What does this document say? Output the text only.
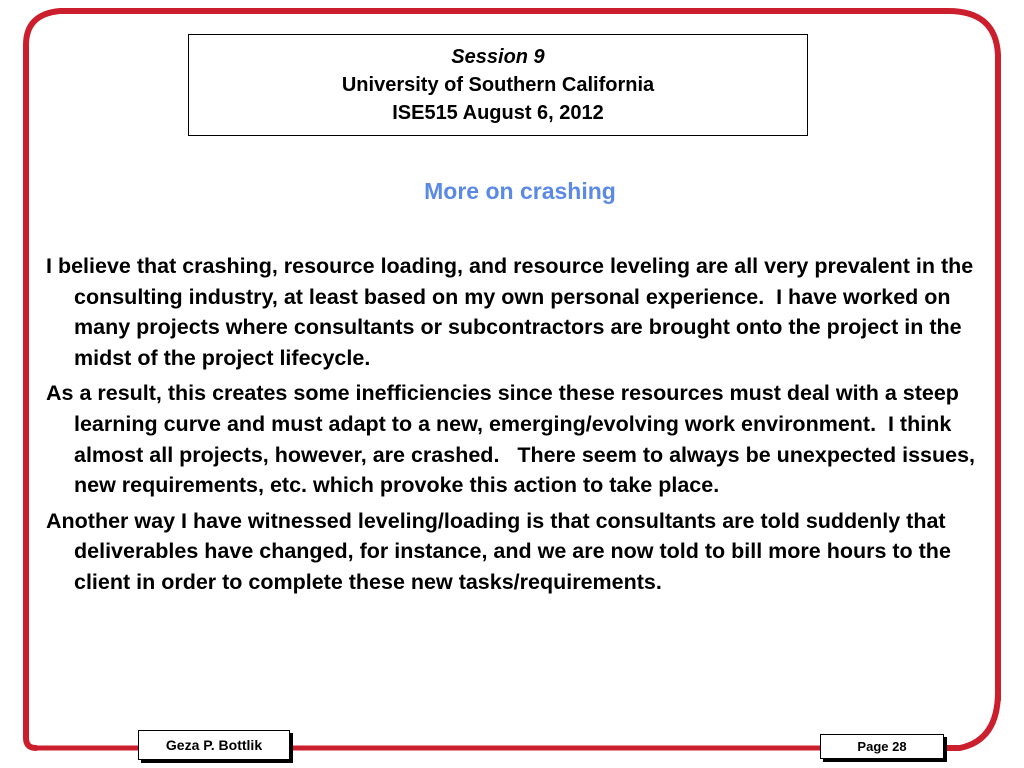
Session 9
University of Southern California
ISE515 August 6, 2012
More on crashing

I believe that crashing, resource loading, and resource leveling are all very prevalent in the consulting industry, at least based on my own personal experience.  I have worked on many projects where consultants or subcontractors are brought onto the project in the midst of the project lifecycle.

As a result, this creates some inefficiencies since these resources must deal with a steep learning curve and must adapt to a new, emerging/evolving work environment.  I think almost all projects, however, are crashed.   There seem to always be unexpected issues, new requirements, etc. which provoke this action to take place.

Another way I have witnessed leveling/loading is that consultants are told suddenly that deliverables have changed, for instance, and we are now told to bill more hours to the client in order to complete these new tasks/requirements.

Geza P. Bottlik	Page 28
